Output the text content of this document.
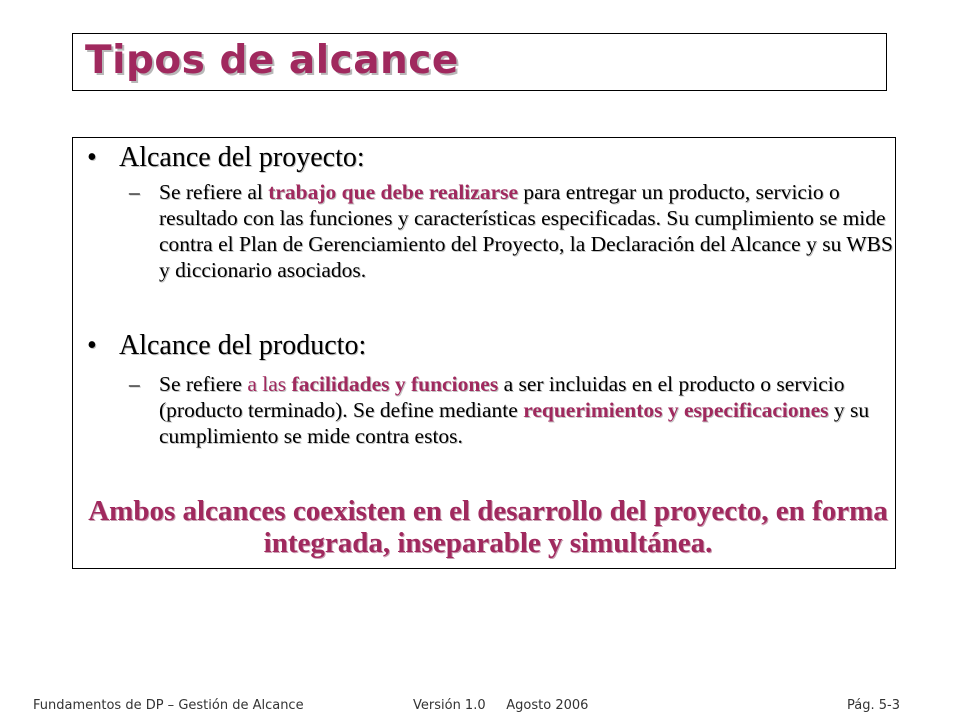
Tipos de alcance
• Alcance del proyecto:
– Se refiere al trabajo que debe realizarse para entregar un producto, servicio o resultado con las funciones y características especificadas. Su cumplimiento se mide contra el Plan de Gerenciamiento del Proyecto, la Declaración del Alcance y su WBS y diccionario asociados.
• Alcance del producto:
– Se refiere a las facilidades y funciones a ser incluidas en el producto o servicio (producto terminado). Se define mediante requerimientos y especificaciones y su cumplimiento se mide contra estos.
Ambos alcances coexisten en el desarrollo del proyecto, en forma integrada, inseparable y simultánea.
Fundamentos de DP – Gestión de Alcance	Versión 1.0     Agosto 2006	Pág. 5-3
